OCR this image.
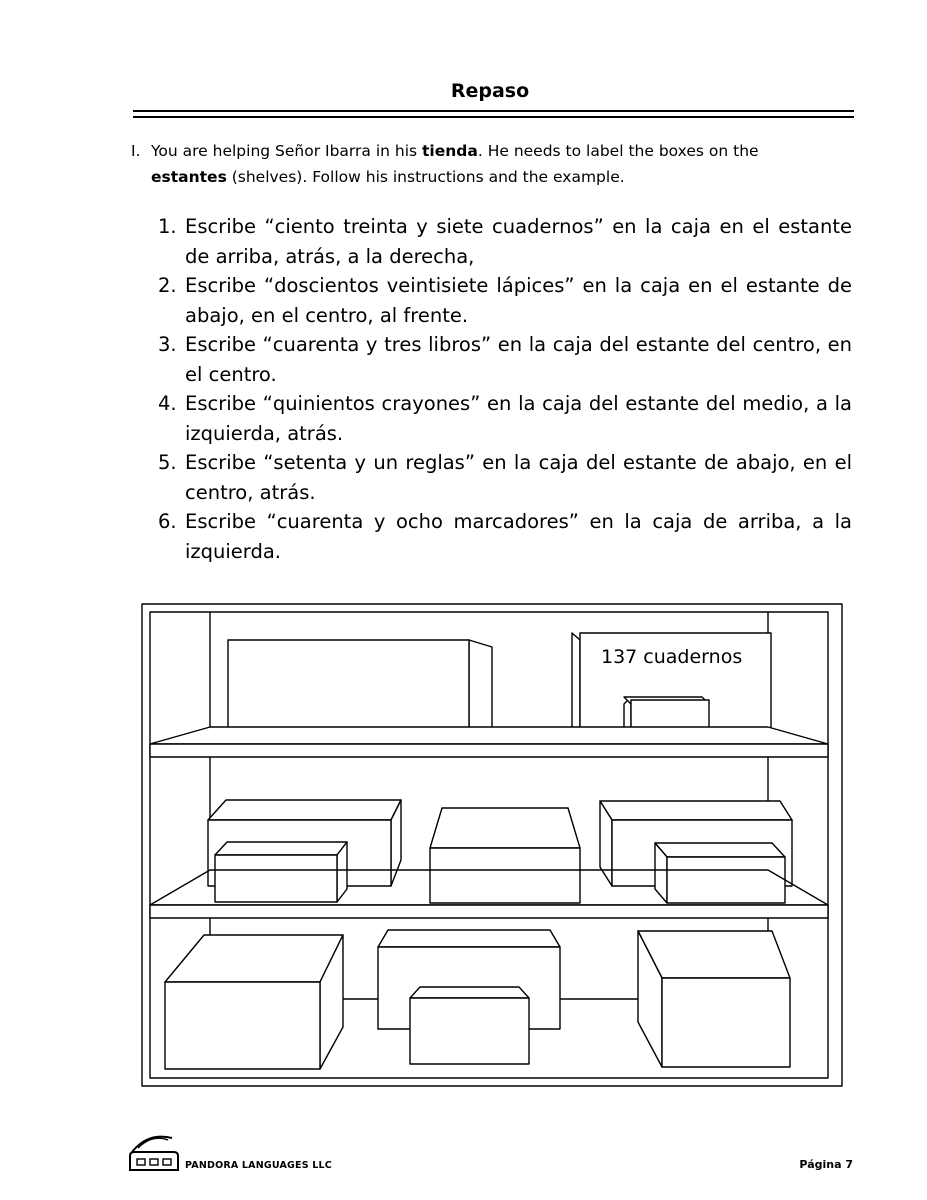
Repaso
I. You are helping Señor Ibarra in his tienda. He needs to label the boxes on the
estantes (shelves). Follow his instructions and the example.
1. Escribe “ciento treinta y siete cuadernos” en la caja en el estante de arriba, atrás, a la derecha,
2. Escribe “doscientos veintisiete lápices” en la caja en el estante de abajo, en el centro, al frente.
3. Escribe “cuarenta y tres libros” en la caja del estante del centro, en el centro.
4. Escribe “quinientos crayones” en la caja del estante del medio, a la izquierda, atrás.
5. Escribe “setenta y un reglas” en la caja del estante de abajo, en el centro, atrás.
6. Escribe “cuarenta y ocho marcadores” en la caja de arriba, a la izquierda.
137 cuadernos
PANDORA LANGUAGES LLC	Página 7
